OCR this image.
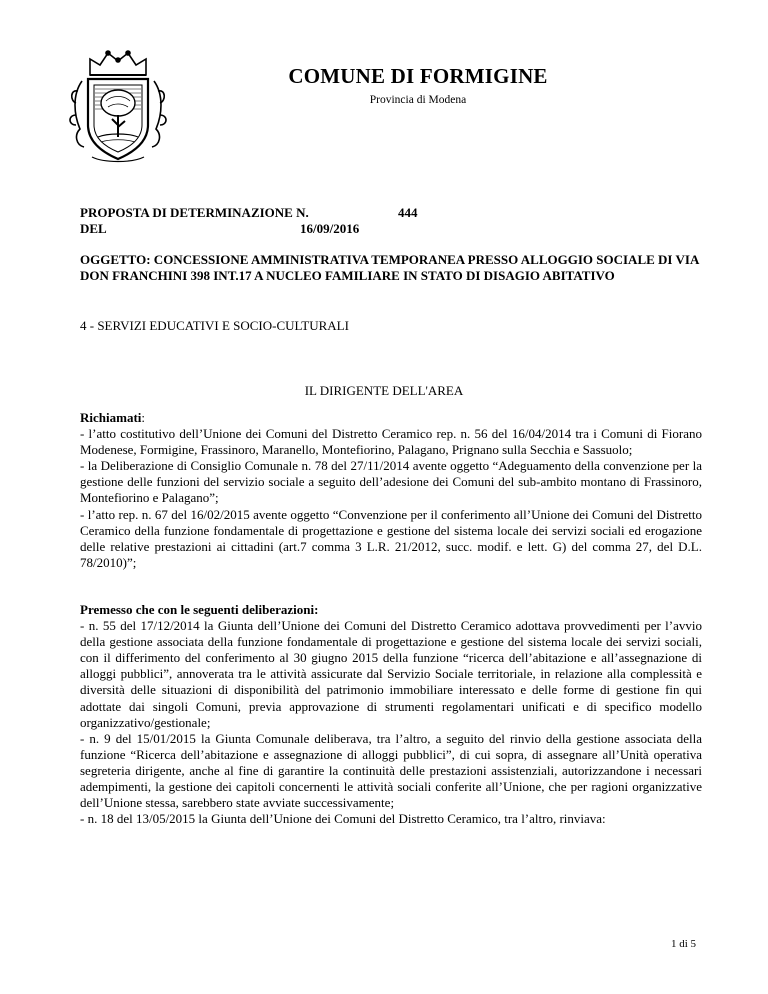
COMUNE DI FORMIGINE
Provincia di Modena
PROPOSTA DI DETERMINAZIONE N.	444
DEL	16/09/2016
OGGETTO: CONCESSIONE AMMINISTRATIVA TEMPORANEA PRESSO ALLOGGIO SOCIALE DI VIA DON FRANCHINI 398 INT.17 A NUCLEO FAMILIARE IN STATO DI DISAGIO ABITATIVO
4 - SERVIZI EDUCATIVI E SOCIO-CULTURALI
IL DIRIGENTE DELL'AREA

Richiamati:

- l’atto costitutivo dell’Unione dei Comuni del Distretto Ceramico rep. n. 56 del 16/04/2014 tra i Comuni di Fiorano Modenese, Formigine, Frassinoro, Maranello, Montefiorino, Palagano, Prignano sulla Secchia e Sassuolo;

- la Deliberazione di Consiglio Comunale n. 78 del 27/11/2014 avente oggetto “Adeguamento della convenzione per la gestione delle funzioni del servizio sociale a seguito dell’adesione dei Comuni del sub-ambito montano di Frassinoro, Montefiorino e Palagano”;

- l’atto rep. n. 67 del 16/02/2015 avente oggetto “Convenzione per il conferimento all’Unione dei Comuni del Distretto Ceramico della funzione fondamentale di progettazione e gestione del sistema locale dei servizi sociali ed erogazione delle relative prestazioni ai cittadini (art.7 comma 3 L.R. 21/2012, succ. modif. e lett. G) del comma 27, del D.L. 78/2010)”;

Premesso che con le seguenti deliberazioni:

- n. 55 del 17/12/2014 la Giunta dell’Unione dei Comuni del Distretto Ceramico adottava provvedimenti per l’avvio della gestione associata della funzione fondamentale di progettazione e gestione del sistema locale dei servizi sociali, con il differimento del conferimento al 30 giugno 2015 della funzione “ricerca dell’abitazione e all’assegnazione di alloggi pubblici”, annoverata tra le attività assicurate dal Servizio Sociale territoriale, in relazione alla complessità e diversità delle situazioni di disponibilità del patrimonio immobiliare interessato e delle forme di gestione fin qui adottate dai singoli Comuni, previa approvazione di strumenti regolamentari unificati e di specifico modello organizzativo/gestionale;

- n. 9 del 15/01/2015 la Giunta Comunale deliberava, tra l’altro, a seguito del rinvio della gestione associata della funzione “Ricerca dell’abitazione e assegnazione di alloggi pubblici”, di cui sopra, di assegnare all’Unità operativa segreteria dirigente, anche al fine di garantire la continuità delle prestazioni assistenziali, autorizzandone i necessari adempimenti, la gestione dei capitoli concernenti le attività sociali conferite all’Unione, che per ragioni organizzative dell’Unione stessa, sarebbero state avviate successivamente;

- n. 18 del 13/05/2015 la Giunta dell’Unione dei Comuni del Distretto Ceramico, tra l’altro, rinviava:

1 di 5
